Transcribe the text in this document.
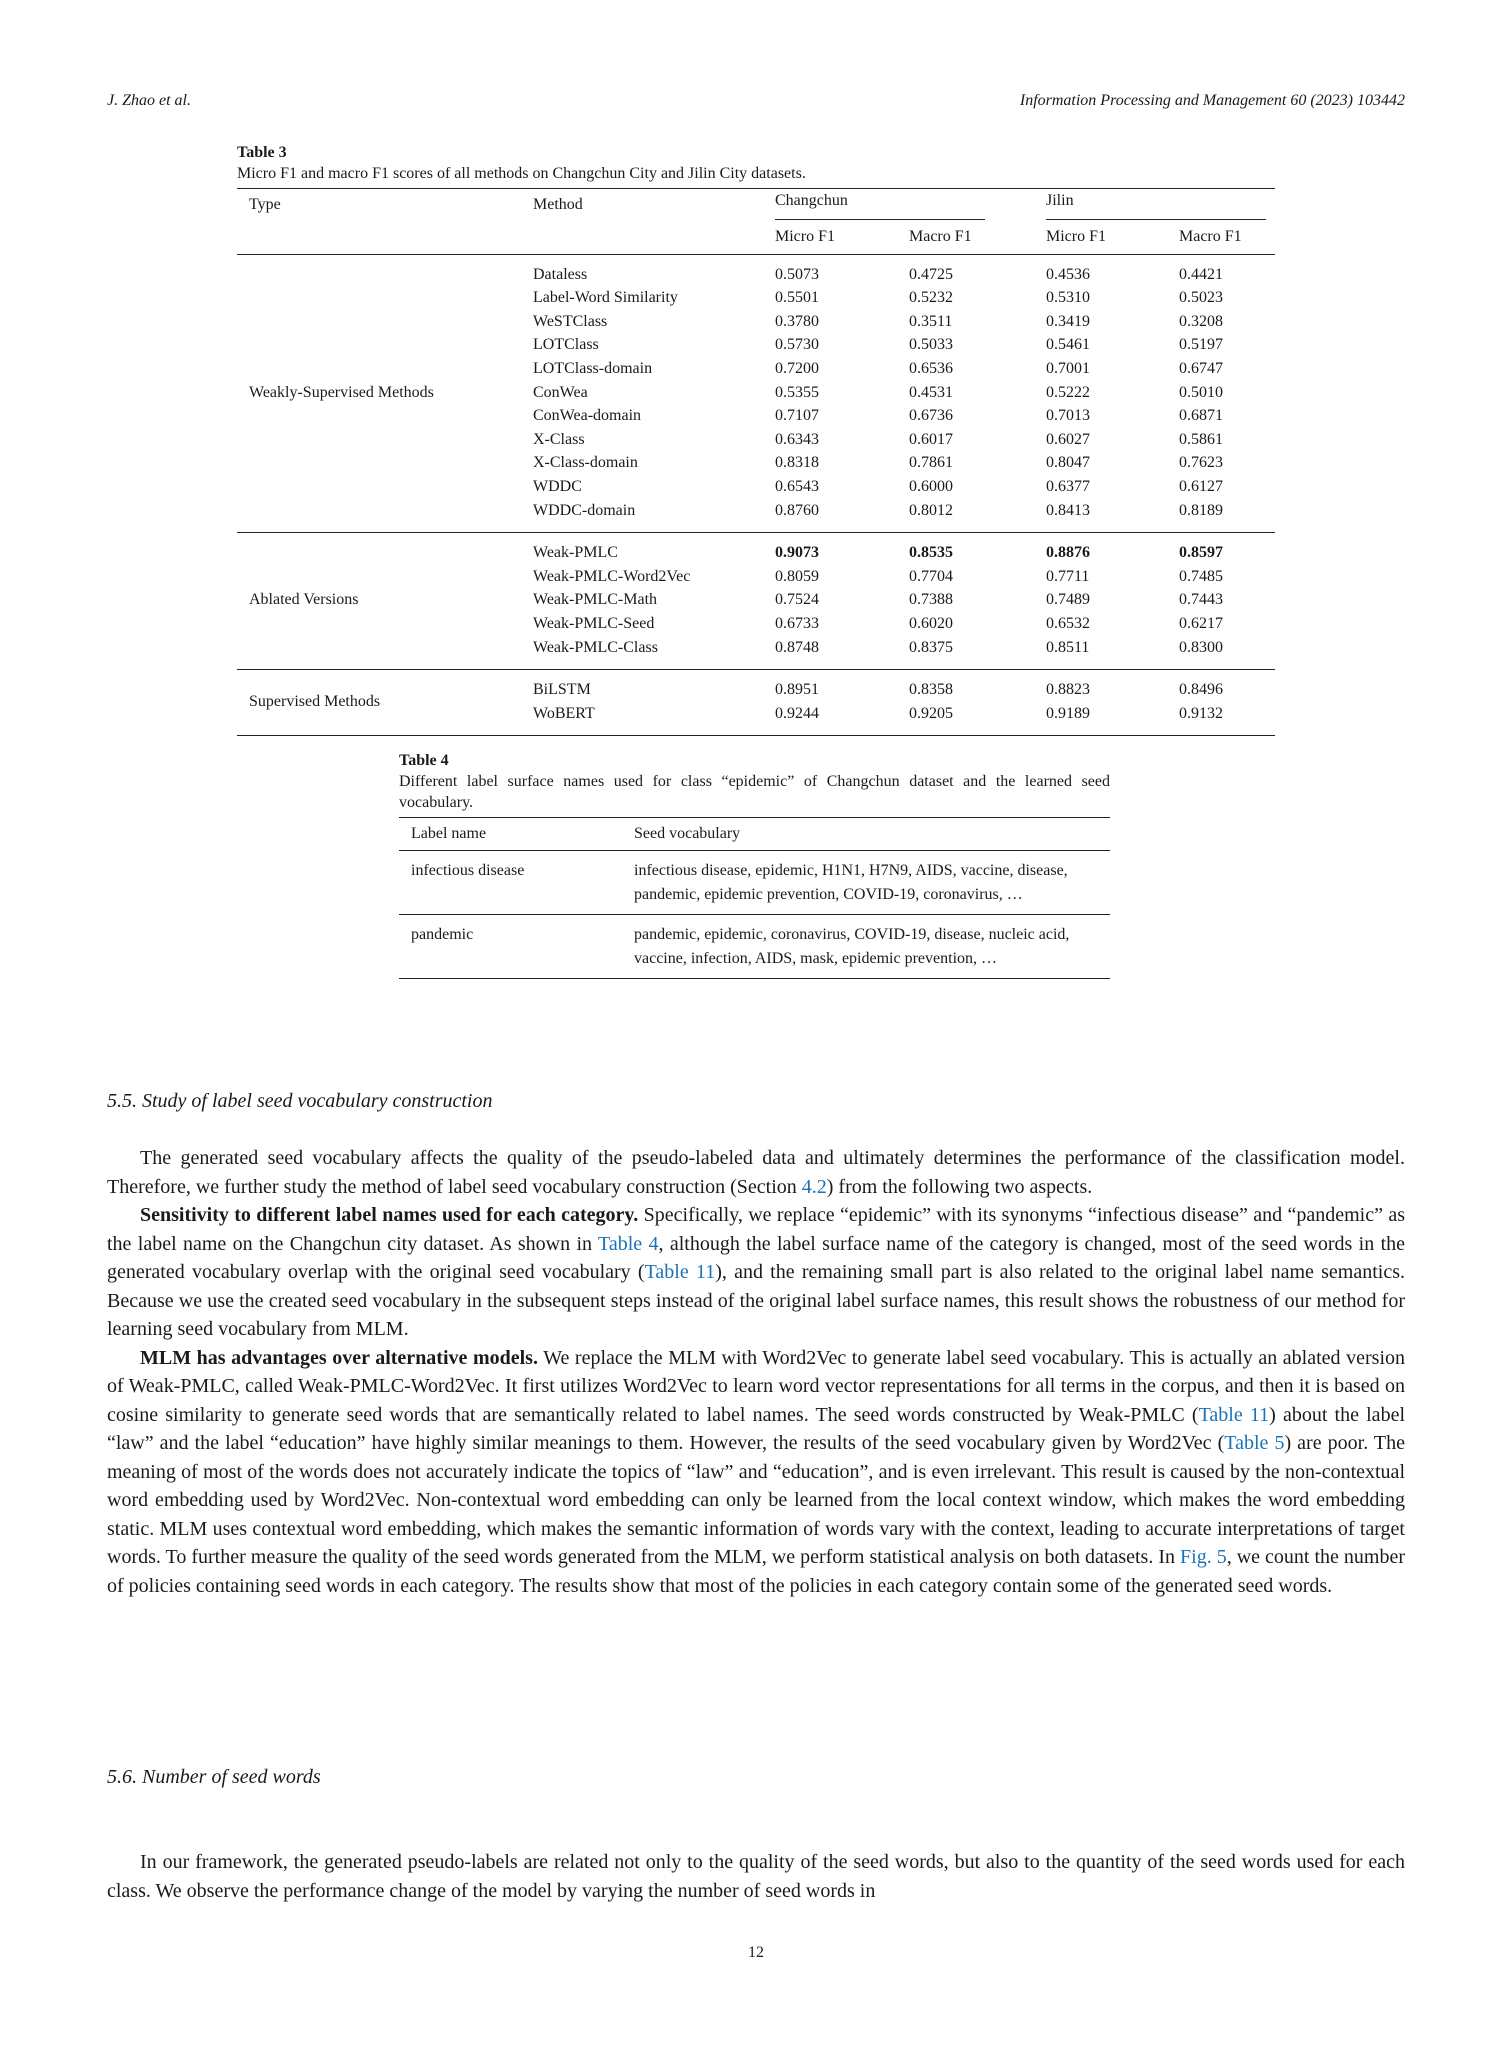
J. Zhao et al.	Information Processing and Management 60 (2023) 103442
Table 3
Micro F1 and macro F1 scores of all methods on Changchun City and Jilin City datasets.
Type	Method	Changchun		Jilin	
		Micro F1	Macro F1	Micro F1	Macro F1

Weakly-Supervised Methods	Dataless	0.5073	0.4725	0.4536	0.4421
	Label-Word Similarity	0.5501	0.5232	0.5310	0.5023
	WeSTClass	0.3780	0.3511	0.3419	0.3208
	LOTClass	0.5730	0.5033	0.5461	0.5197
	LOTClass-domain	0.7200	0.6536	0.7001	0.6747
	ConWea	0.5355	0.4531	0.5222	0.5010
	ConWea-domain	0.7107	0.6736	0.7013	0.6871
	X-Class	0.6343	0.6017	0.6027	0.5861
	X-Class-domain	0.8318	0.7861	0.8047	0.7623
	WDDC	0.6543	0.6000	0.6377	0.6127
	WDDC-domain	0.8760	0.8012	0.8413	0.8189

Ablated Versions	Weak-PMLC	0.9073	0.8535	0.8876	0.8597
	Weak-PMLC-Word2Vec	0.8059	0.7704	0.7711	0.7485
	Weak-PMLC-Math	0.7524	0.7388	0.7489	0.7443
	Weak-PMLC-Seed	0.6733	0.6020	0.6532	0.6217
	Weak-PMLC-Class	0.8748	0.8375	0.8511	0.8300

Supervised Methods	BiLSTM	0.8951	0.8358	0.8823	0.8496
	WoBERT	0.9244	0.9205	0.9189	0.9132

Table 4
Different label surface names used for class “epidemic” of Changchun dataset and the learned seed vocabulary.
Label name	Seed vocabulary
infectious disease	infectious disease, epidemic, H1N1, H7N9, AIDS, vaccine, disease, pandemic, epidemic prevention, COVID-19, coronavirus, …
pandemic	pandemic, epidemic, coronavirus, COVID-19, disease, nucleic acid, vaccine, infection, AIDS, mask, epidemic prevention, …
5.5. Study of label seed vocabulary construction

The generated seed vocabulary affects the quality of the pseudo-labeled data and ultimately determines the performance of the classification model. Therefore, we further study the method of label seed vocabulary construction (Section 4.2) from the following two aspects.

Sensitivity to different label names used for each category. Specifically, we replace “epidemic” with its synonyms “infectious disease” and “pandemic” as the label name on the Changchun city dataset. As shown in Table 4, although the label surface name of the category is changed, most of the seed words in the generated vocabulary overlap with the original seed vocabulary (Table 11), and the remaining small part is also related to the original label name semantics. Because we use the created seed vocabulary in the subsequent steps instead of the original label surface names, this result shows the robustness of our method for learning seed vocabulary from MLM.

MLM has advantages over alternative models. We replace the MLM with Word2Vec to generate label seed vocabulary. This is actually an ablated version of Weak-PMLC, called Weak-PMLC-Word2Vec. It first utilizes Word2Vec to learn word vector representations for all terms in the corpus, and then it is based on cosine similarity to generate seed words that are semantically related to label names. The seed words constructed by Weak-PMLC (Table 11) about the label “law” and the label “education” have highly similar meanings to them. However, the results of the seed vocabulary given by Word2Vec (Table 5) are poor. The meaning of most of the words does not accurately indicate the topics of “law” and “education”, and is even irrelevant. This result is caused by the non-contextual word embedding used by Word2Vec. Non-contextual word embedding can only be learned from the local context window, which makes the word embedding static. MLM uses contextual word embedding, which makes the semantic information of words vary with the context, leading to accurate interpretations of target words. To further measure the quality of the seed words generated from the MLM, we perform statistical analysis on both datasets. In Fig. 5, we count the number of policies containing seed words in each category. The results show that most of the policies in each category contain some of the generated seed words.

5.6. Number of seed words

In our framework, the generated pseudo-labels are related not only to the quality of the seed words, but also to the quantity of the seed words used for each class. We observe the performance change of the model by varying the number of seed words in

12
